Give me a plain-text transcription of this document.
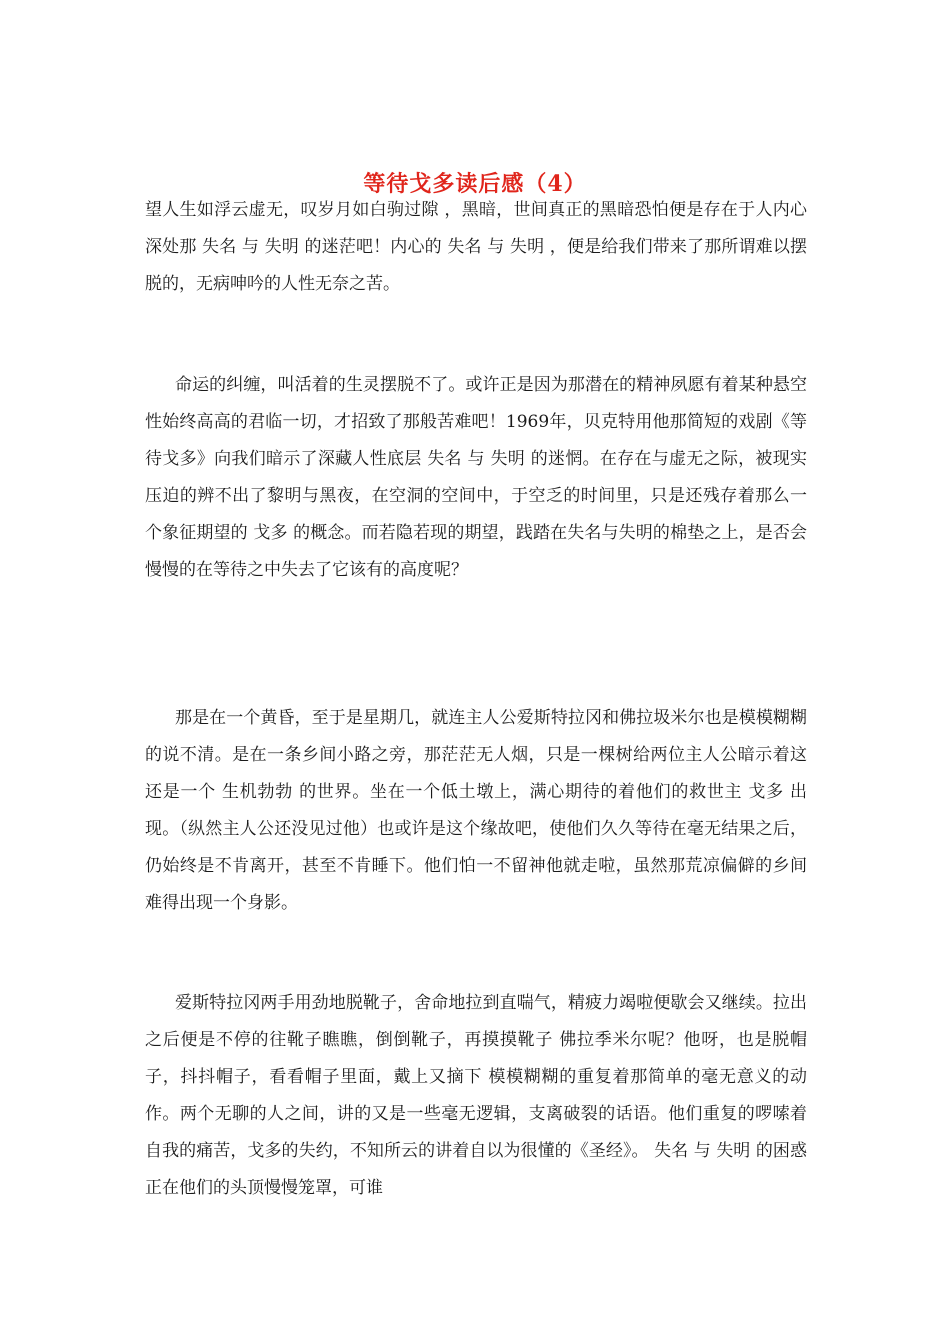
等待戈多读后感（4）

望人生如浮云虚无，叹岁月如白驹过隙 ，黑暗，世间真正的黑暗恐怕便是存在于人内心深处那 失名 与 失明 的迷茫吧！内心的 失名 与 失明 ，便是给我们带来了那所谓难以摆脱的，无病呻吟的人性无奈之苦。

命运的纠缠，叫活着的生灵摆脱不了。或许正是因为那潜在的精神夙愿有着某种悬空性始终高高的君临一切，才招致了那般苦难吧！1969年，贝克特用他那简短的戏剧《等待戈多》向我们暗示了深藏人性底层 失名 与 失明 的迷惘。在存在与虚无之际，被现实压迫的辨不出了黎明与黑夜，在空洞的空间中，于空乏的时间里，只是还残存着那么一个象征期望的 戈多 的概念。而若隐若现的期望，践踏在失名与失明的棉垫之上，是否会慢慢的在等待之中失去了它该有的高度呢？

那是在一个黄昏，至于是星期几，就连主人公爱斯特拉冈和佛拉圾米尔也是模模糊糊的说不清。是在一条乡间小路之旁，那茫茫无人烟，只是一棵树给两位主人公暗示着这还是一个 生机勃勃 的世界。坐在一个低土墩上，满心期待的着他们的救世主 戈多 出现。（纵然主人公还没见过他）也或许是这个缘故吧，使他们久久等待在毫无结果之后，仍始终是不肯离开，甚至不肯睡下。他们怕一不留神他就走啦，虽然那荒凉偏僻的乡间难得出现一个身影。

爱斯特拉冈两手用劲地脱靴子，舍命地拉到直喘气，精疲力竭啦便歇会又继续。拉出之后便是不停的往靴子瞧瞧，倒倒靴子，再摸摸靴子 佛拉季米尔呢？他呀，也是脱帽子，抖抖帽子，看看帽子里面，戴上又摘下 模模糊糊的重复着那简单的毫无意义的动作。两个无聊的人之间，讲的又是一些毫无逻辑，支离破裂的话语。他们重复的啰嗦着自我的痛苦，戈多的失约，不知所云的讲着自以为很懂的《圣经》。 失名 与 失明 的困惑正在他们的头顶慢慢笼罩，可谁
